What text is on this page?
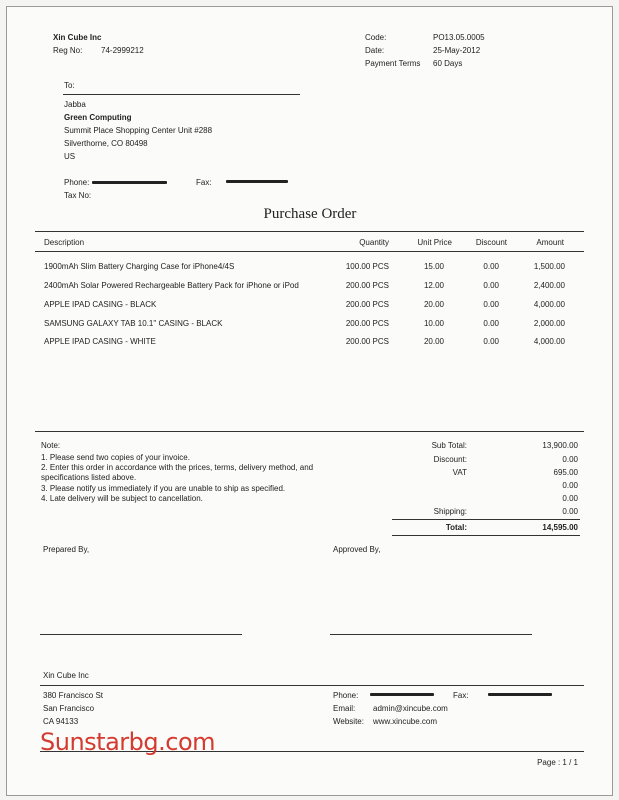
Xin Cube Inc
Reg No: 74-2999212
Code:	PO13.05.0005
Date:	25-May-2012
Payment Terms 60 Days
To:
Jabba
Green Computing
Summit Place Shopping Center Unit #288
Silverthorne, CO 80498
US
Phone:	Fax:
Tax No:
Purchase Order
Description	Quantity	Unit Price	Discount	Amount
1900mAh Slim Battery Charging Case for iPhone4/4S	100.00 PCS	15.00	0.00	1,500.00
2400mAh Solar Powered Rechargeable Battery Pack for iPhone or iPod	200.00 PCS	12.00	0.00	2,400.00
APPLE IPAD CASING - BLACK	200.00 PCS	20.00	0.00	4,000.00
SAMSUNG GALAXY TAB 10.1" CASING - BLACK	200.00 PCS	10.00	0.00	2,000.00
APPLE IPAD CASING - WHITE	200.00 PCS	20.00	0.00	4,000.00
Note:
1. Please send two copies of your invoice.
2. Enter this order in accordance with the prices, terms, delivery method, and
specifications listed above.
3. Please notify us immediately if you are unable to ship as specified.
4. Late delivery will be subject to cancellation.
Sub Total:	13,900.00
Discount:	0.00
VAT	695.00
0.00
0.00
Shipping:	0.00
Total:	14,595.00
Prepared By,	Approved By,
Xin Cube Inc
380 Francisco St
San Francisco
CA 94133
Phone:	Fax:
Email: admin@xincube.com
Website: www.xincube.com
Page : 1 / 1
Sunstarbg.com
